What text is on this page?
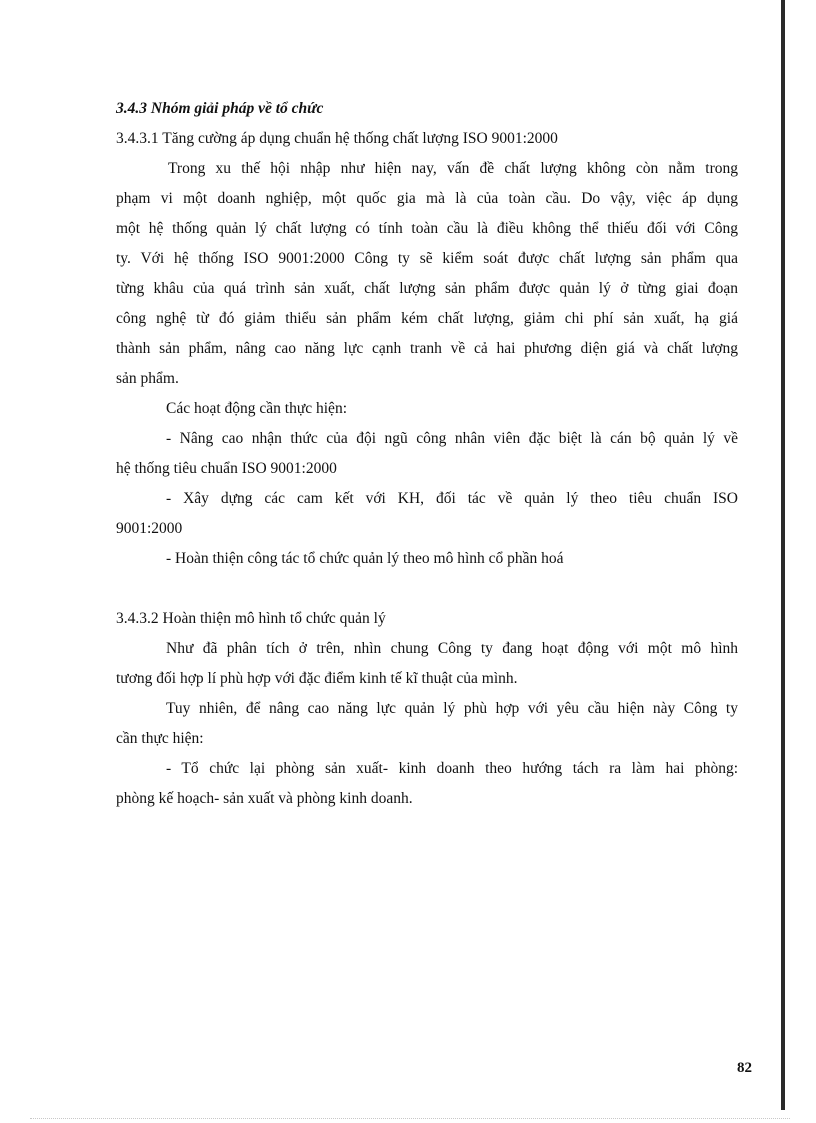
3.4.3 Nhóm giải pháp về tổ chức

3.4.3.1 Tăng cường áp dụng chuẩn hệ thống chất lượng ISO 9001:2000

Trong xu thế hội nhập như hiện nay, vấn đề chất lượng không còn nằm trong

phạm vi một doanh nghiệp, một quốc gia mà là của toàn cầu. Do vậy, việc áp dụng

một hệ thống quản lý chất lượng có tính toàn cầu là điều không thể thiếu đối với Công

ty. Với hệ thống ISO 9001:2000 Công ty sẽ kiểm soát được chất lượng sản phẩm qua

từng khâu của quá trình sản xuất, chất lượng sản phẩm được quản lý ở từng giai đoạn

công nghệ từ đó giảm thiểu sản phẩm kém chất lượng, giảm chi phí sản xuất, hạ giá

thành sản phẩm, nâng cao năng lực cạnh tranh về cả hai phương diện giá và chất lượng

sản phẩm.

Các hoạt động cần thực hiện:

- Nâng cao nhận thức của đội ngũ công nhân viên đặc biệt là cán bộ quản lý về

hệ thống tiêu chuẩn ISO 9001:2000

- Xây dựng các cam kết với KH, đối tác về quản lý theo tiêu chuẩn ISO

9001:2000

- Hoàn thiện công tác tổ chức quản lý theo mô hình cổ phần hoá

3.4.3.2 Hoàn thiện mô hình tổ chức quản lý

Như đã phân tích ở trên, nhìn chung Công ty đang hoạt động với một mô hình

tương đối hợp lí phù hợp với đặc điểm kinh tế kĩ thuật của mình.

Tuy nhiên, để nâng cao năng lực quản lý phù hợp với yêu cầu hiện này Công ty

cần thực hiện:

- Tổ chức lại phòng sản xuất- kinh doanh theo hướng tách ra làm hai phòng:

phòng kế hoạch- sản xuất và phòng kinh doanh.

82
